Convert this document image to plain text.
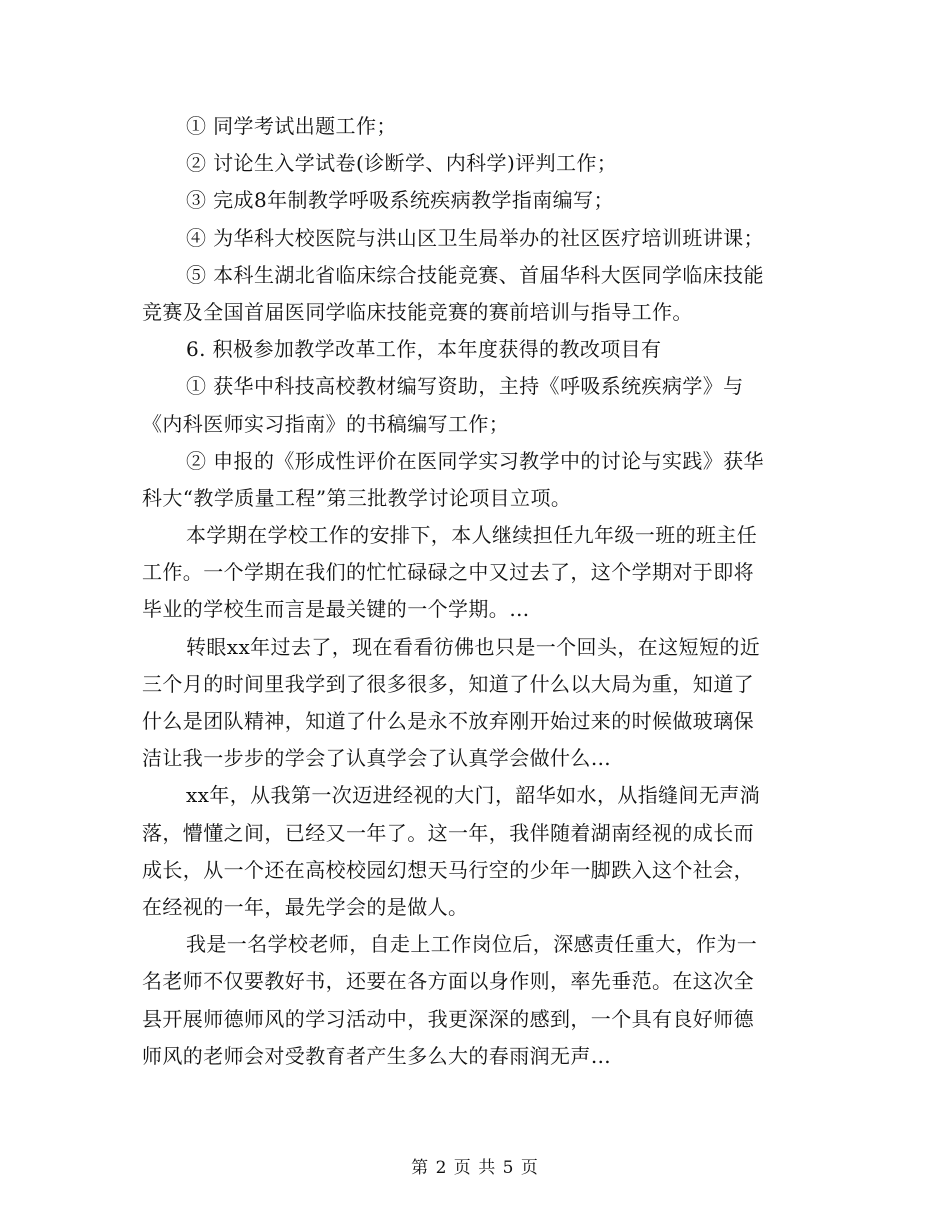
① 同学考试出题工作；
② 讨论生入学试卷(诊断学、内科学)评判工作；
③ 完成8年制教学呼吸系统疾病教学指南编写；
④ 为华科大校医院与洪山区卫生局举办的社区医疗培训班讲课；
⑤ 本科生湖北省临床综合技能竞赛、首届华科大医同学临床技能
竞赛及全国首届医同学临床技能竞赛的赛前培训与指导工作。
6. 积极参加教学改革工作，本年度获得的教改项目有
① 获华中科技高校教材编写资助，主持《呼吸系统疾病学》与
《内科医师实习指南》的书稿编写工作；
② 申报的《形成性评价在医同学实习教学中的讨论与实践》获华
科大“教学质量工程”第三批教学讨论项目立项。
本学期在学校工作的安排下，本人继续担任九年级一班的班主任
工作。一个学期在我们的忙忙碌碌之中又过去了，这个学期对于即将
毕业的学校生而言是最关键的一个学期。…
转眼xx年过去了，现在看看彷佛也只是一个回头，在这短短的近
三个月的时间里我学到了很多很多，知道了什么以大局为重，知道了
什么是团队精神，知道了什么是永不放弃刚开始过来的时候做玻璃保
洁让我一步步的学会了认真学会了认真学会做什么…
xx年，从我第一次迈进经视的大门，韶华如水，从指缝间无声淌
落，懵懂之间，已经又一年了。这一年，我伴随着湖南经视的成长而
成长，从一个还在高校校园幻想天马行空的少年一脚跌入这个社会，
在经视的一年，最先学会的是做人。
我是一名学校老师，自走上工作岗位后，深感责任重大，作为一
名老师不仅要教好书，还要在各方面以身作则，率先垂范。在这次全
县开展师德师风的学习活动中，我更深深的感到，一个具有良好师德
师风的老师会对受教育者产生多么大的春雨润无声…
第 2 页 共 5 页
